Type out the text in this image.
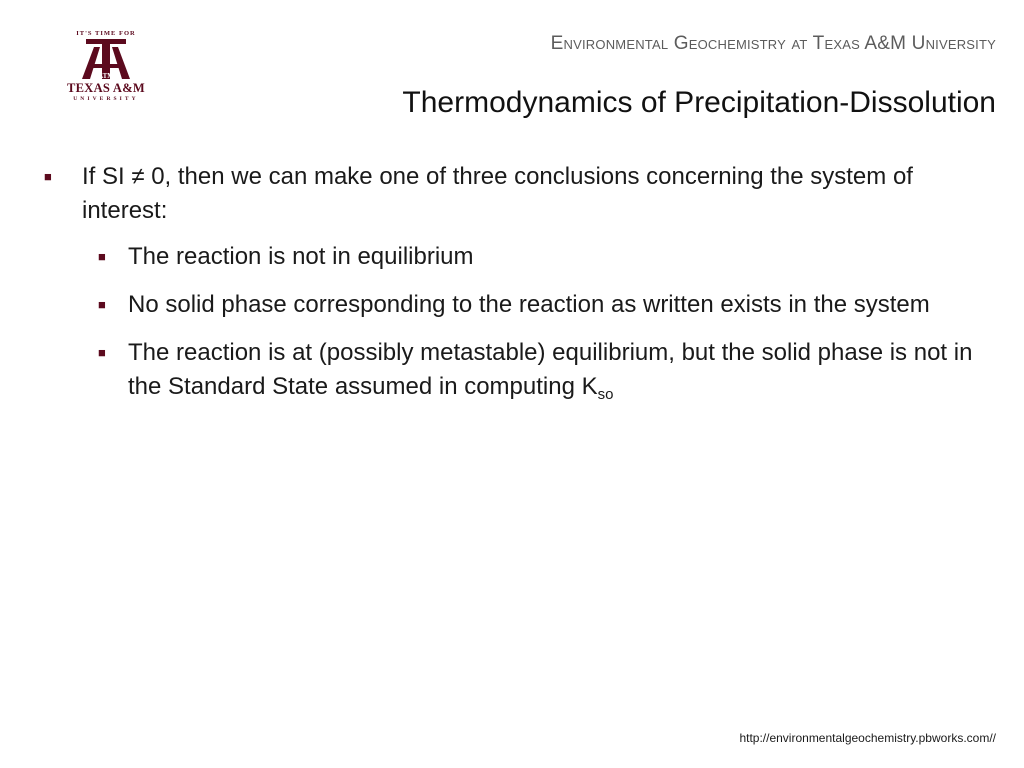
IT'S TIME FOR
ATM
TEXAS A&M
UNIVERSITY
Environmental Geochemistry at Texas A&M University
Thermodynamics of Precipitation-Dissolution
■	If SI ≠ 0, then we can make one of three conclusions concerning the system of interest:
■ The reaction is not in equilibrium
■ No solid phase corresponding to the reaction as written exists in the system
■ The reaction is at (possibly metastable) equilibrium, but the solid phase is not in the Standard State assumed in computing $K_{so}$
http://environmentalgeochemistry.pbworks.com//
